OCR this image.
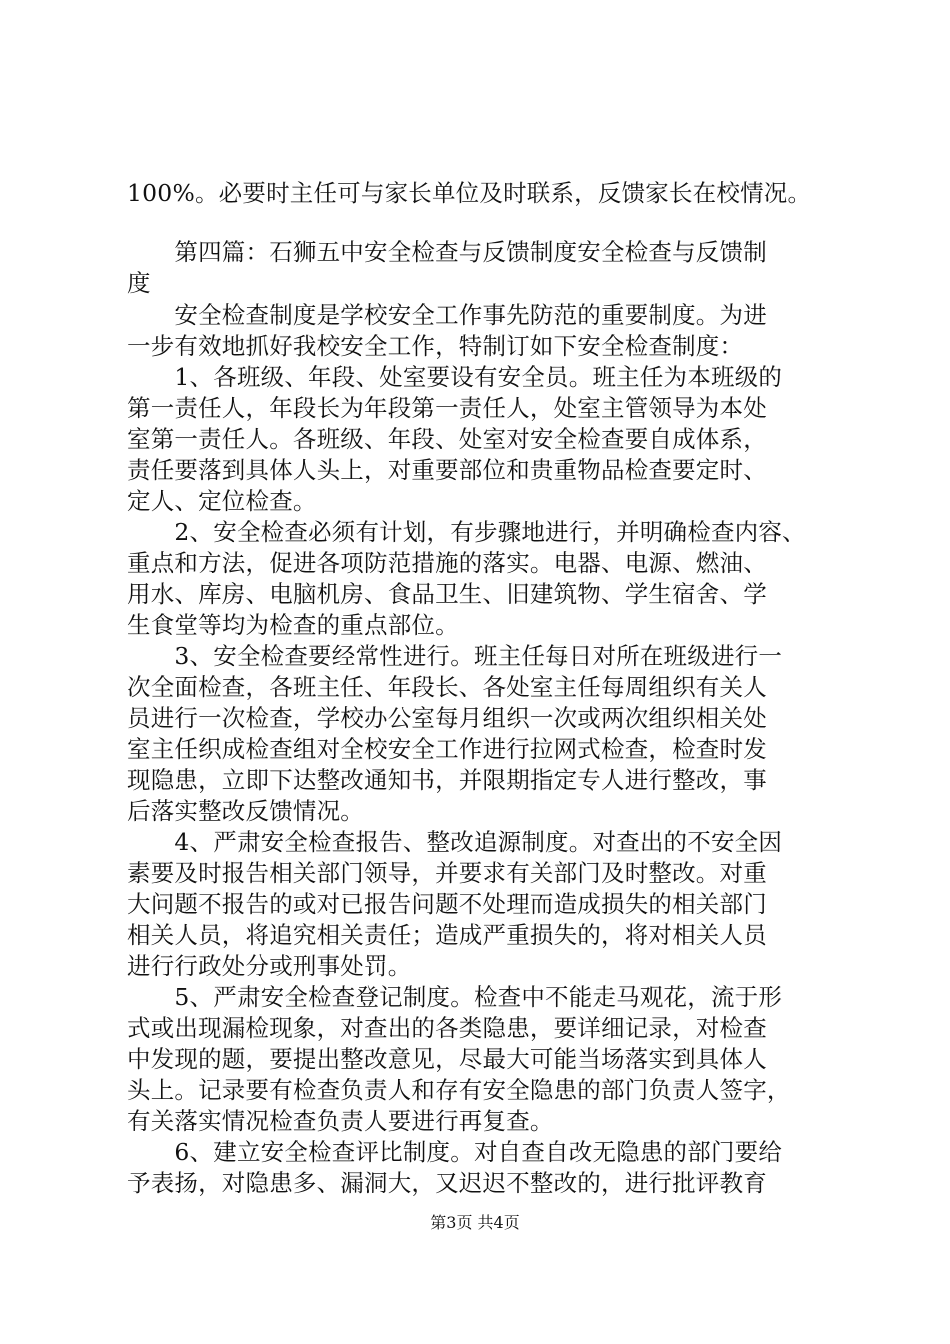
100%。必要时主任可与家长单位及时联系，反馈家长在校情况。
　　第四篇：石狮五中安全检查与反馈制度安全检查与反馈制
度
　　安全检查制度是学校安全工作事先防范的重要制度。为进
一步有效地抓好我校安全工作，特制订如下安全检查制度：
　　1、各班级、年段、处室要设有安全员。班主任为本班级的
第一责任人，年段长为年段第一责任人，处室主管领导为本处
室第一责任人。各班级、年段、处室对安全检查要自成体系，
责任要落到具体人头上，对重要部位和贵重物品检查要定时、
定人、定位检查。
　　2、安全检查必须有计划，有步骤地进行，并明确检查内容、
重点和方法，促进各项防范措施的落实。电器、电源、燃油、
用水、库房、电脑机房、食品卫生、旧建筑物、学生宿舍、学
生食堂等均为检查的重点部位。
　　3、安全检查要经常性进行。班主任每日对所在班级进行一
次全面检查，各班主任、年段长、各处室主任每周组织有关人
员进行一次检查，学校办公室每月组织一次或两次组织相关处
室主任织成检查组对全校安全工作进行拉网式检查，检查时发
现隐患，立即下达整改通知书，并限期指定专人进行整改，事
后落实整改反馈情况。
　　4、严肃安全检查报告、整改追源制度。对查出的不安全因
素要及时报告相关部门领导，并要求有关部门及时整改。对重
大问题不报告的或对已报告问题不处理而造成损失的相关部门
相关人员，将追究相关责任；造成严重损失的，将对相关人员
进行行政处分或刑事处罚。
　　5、严肃安全检查登记制度。检查中不能走马观花，流于形
式或出现漏检现象，对查出的各类隐患，要详细记录，对检查
中发现的题，要提出整改意见，尽最大可能当场落实到具体人
头上。记录要有检查负责人和存有安全隐患的部门负责人签字，
有关落实情况检查负责人要进行再复查。
　　6、建立安全检查评比制度。对自查自改无隐患的部门要给
予表扬，对隐患多、漏洞大，又迟迟不整改的，进行批评教育
第3页 共4页
